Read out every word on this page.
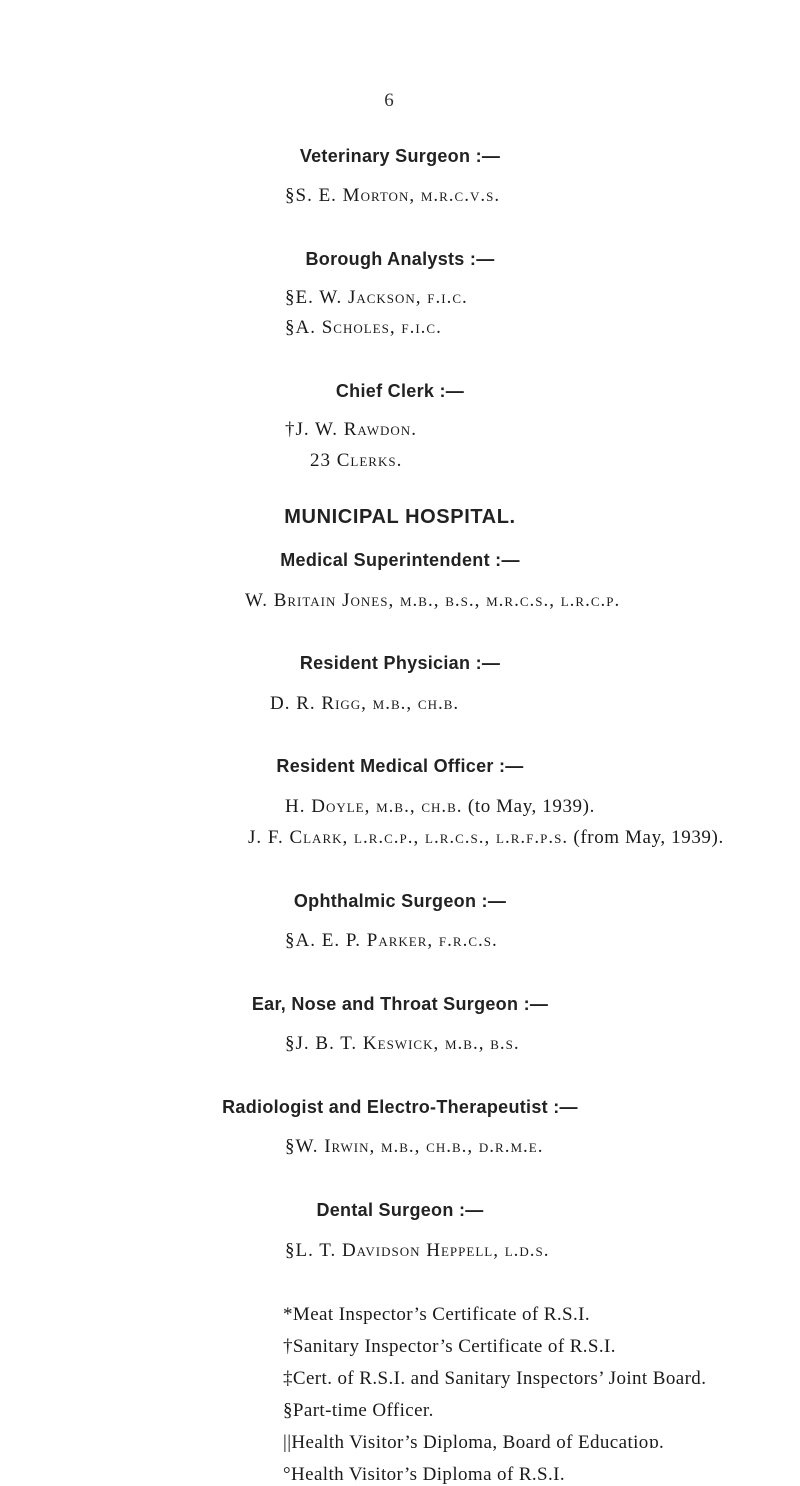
6
Veterinary Surgeon :—
§S. E. Morton, m.r.c.v.s.
Borough Analysts :—
§E. W. Jackson, f.i.c.
§A. Scholes, f.i.c.
Chief Clerk :—
†J. W. Rawdon.
23 Clerks.
MUNICIPAL HOSPITAL.
Medical Superintendent :—
W. Britain Jones, m.b., b.s., m.r.c.s., l.r.c.p.
Resident Physician :—
D. R. Rigg, m.b., ch.b.
Resident Medical Officer :—
H. Doyle, m.b., ch.b. (to May, 1939).
J. F. Clark, l.r.c.p., l.r.c.s., l.r.f.p.s. (from May, 1939).
Ophthalmic Surgeon :—
§A. E. P. Parker, f.r.c.s.
Ear, Nose and Throat Surgeon :—
§J. B. T. Keswick, m.b., b.s.
Radiologist and Electro-Therapeutist :—
§W. Irwin, m.b., ch.b., d.r.m.e.
Dental Surgeon :—
§L. T. Davidson Heppell, l.d.s.
*Meat Inspector’s Certificate of R.S.I.
†Sanitary Inspector’s Certificate of R.S.I.
‡Cert. of R.S.I. and Sanitary Inspectors’ Joint Board.
§Part-time Officer.
||Health Visitor’s Diploma, Board of Educatioɒ.
°Health Visitor’s Diploma of R.S.I.
